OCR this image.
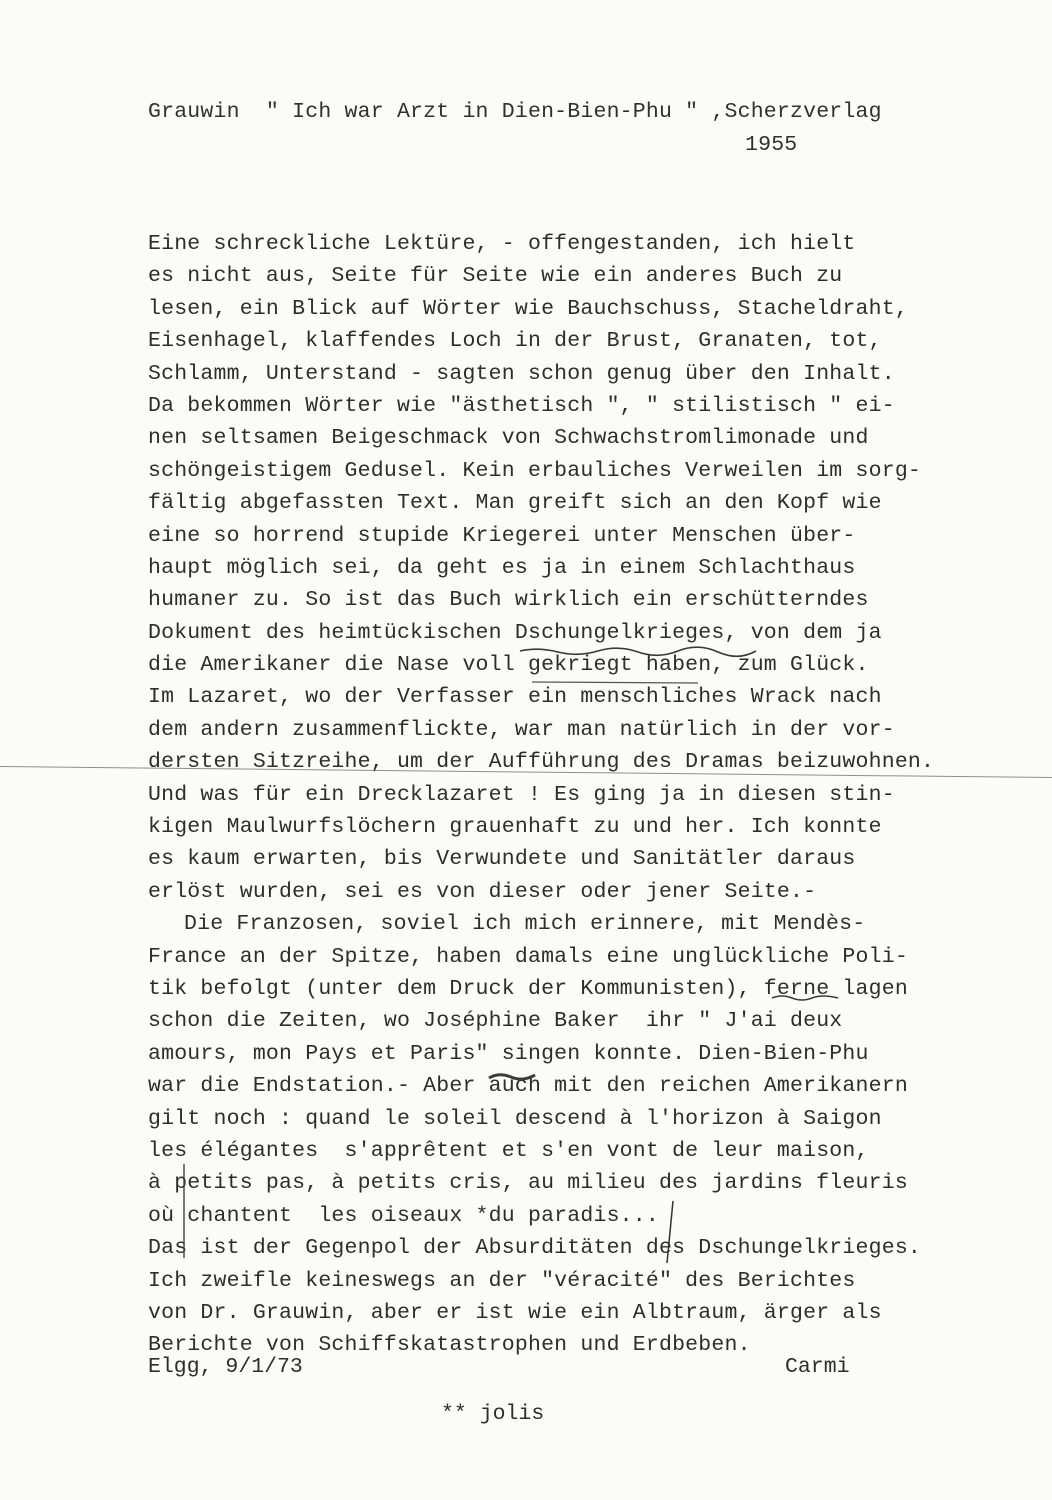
Grauwin  " Ich war Arzt in Dien-Bien-Phu " ,Scherzverlag
1955
Eine schreckliche Lektüre, - offengestanden, ich hielt
es nicht aus, Seite für Seite wie ein anderes Buch zu
lesen, ein Blick auf Wörter wie Bauchschuss, Stacheldraht,
Eisenhagel, klaffendes Loch in der Brust, Granaten, tot,
Schlamm, Unterstand - sagten schon genug über den Inhalt.
Da bekommen Wörter wie "ästhetisch ", " stilistisch " ei-
nen seltsamen Beigeschmack von Schwachstromlimonade und
schöngeistigem Gedusel. Kein erbauliches Verweilen im sorg-
fältig abgefassten Text. Man greift sich an den Kopf wie
eine so horrend stupide Kriegerei unter Menschen über-
haupt möglich sei, da geht es ja in einem Schlachthaus
humaner zu. So ist das Buch wirklich ein erschütterndes
Dokument des heimtückischen Dschungelkrieges, von dem ja
die Amerikaner die Nase voll gekriegt haben, zum Glück.
Im Lazaret, wo der Verfasser ein menschliches Wrack nach
dem andern zusammenflickte, war man natürlich in der vor-
dersten Sitzreihe, um der Aufführung des Dramas beizuwohnen.
Und was für ein Drecklazaret ! Es ging ja in diesen stin-
kigen Maulwurfslöchern grauenhaft zu und her. Ich konnte
es kaum erwarten, bis Verwundete und Sanitätler daraus
erlöst wurden, sei es von dieser oder jener Seite.-
Die Franzosen, soviel ich mich erinnere, mit Mendès-
France an der Spitze, haben damals eine unglückliche Poli-
tik befolgt (unter dem Druck der Kommunisten), ferne lagen
schon die Zeiten, wo Joséphine Baker  ihr " J'ai deux
amours, mon Pays et Paris" singen konnte. Dien-Bien-Phu
war die Endstation.- Aber auch mit den reichen Amerikanern
gilt noch : quand le soleil descend à l'horizon à Saigon
les élégantes  s'apprêtent et s'en vont de leur maison,
à petits pas, à petits cris, au milieu des jardins fleuris
où chantent  les oiseaux *du paradis...
Das ist der Gegenpol der Absurditäten des Dschungelkrieges.
Ich zweifle keineswegs an der "véracité" des Berichtes
von Dr. Grauwin, aber er ist wie ein Albtraum, ärger als
Berichte von Schiffskatastrophen und Erdbeben.
Elgg, 9/1/73	Carmi
** jolis
